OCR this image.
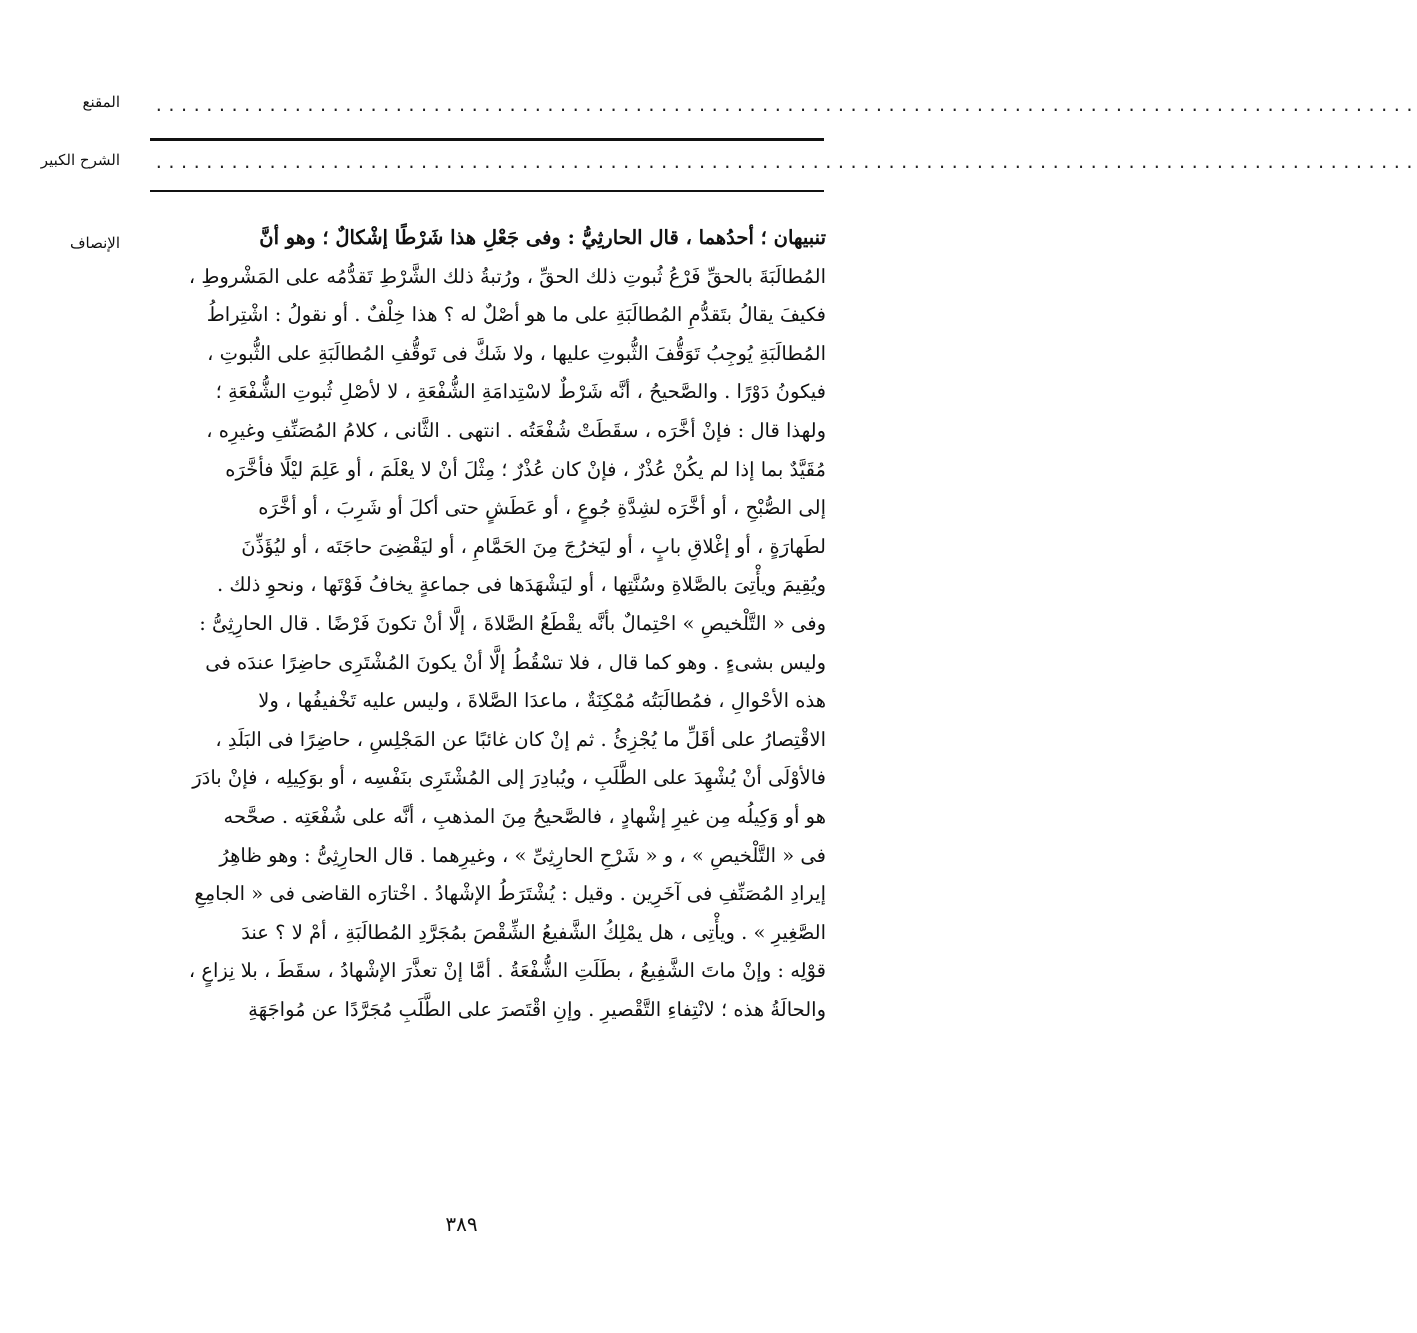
المقنع ....................................................................................................
الشرح الكبير ....................................................................................................
الإنصاف	تنبيهان ؛ أحدُهما ، قال الحارثِيُّ : وفى جَعْلِ هذا شَرْطًا إشْكالٌ ؛ وهو أنَّ
المُطالَبَةَ بالحقِّ فَرْعُ ثُبوتِ ذلك الحقِّ ، ورُتبةُ ذلك الشَّرْطِ تَقدُّمُه على المَشْروطِ ،
فكيفَ يقالُ بتَقدُّمِ المُطالَبَةِ على ما هو أصْلٌ له ؟ هذا خِلْفٌ . أو نقولُ : اشْتِراطُ
المُطالَبَةِ يُوجِبُ تَوَقُّفَ الثُّبوتِ عليها ، ولا شَكَّ فى تَوقُّفِ المُطالَبَةِ على الثُّبوتِ ،
فيكونُ دَوْرًا . والصَّحيحُ ، أنَّه شَرْطٌ لاسْتِدامَةِ الشُّفْعَةِ ، لا لأصْلِ ثُبوتِ الشُّفْعَةِ ؛
ولهذا قال : فإنْ أخَّرَه ، سقَطَتْ شُفْعَتُه . انتهى . الثَّانى ، كلامُ المُصَنِّفِ وغيرِه ،
مُقَيَّدٌ بما إذا لم يكُنْ عُذْرٌ ، فإنْ كان عُذْرٌ ؛ مِثْلَ أنْ لا يعْلَمَ ، أو عَلِمَ ليْلًا فأخَّرَه
إلى الصُّبْحِ ، أو أخَّرَه لشِدَّةِ جُوعٍ ، أو عَطَشٍ حتى أكلَ أو شَرِبَ ، أو أخَّرَه
لطَهارَةٍ ، أو إغْلاقِ بابٍ ، أو ليَخرُجَ مِنَ الحَمَّامِ ، أو ليَقْضِىَ حاجَتَه ، أو ليُؤَذِّنَ
ويُقِيمَ ويأْتِىَ بالصَّلاةِ وسُنَّتِها ، أو ليَشْهَدَها فى جماعةٍ يخافُ فَوْتَها ، ونحوِ ذلك .
وفى « التَّلْخيصِ » احْتِمالٌ بأنَّه يقْطَعُ الصَّلاةَ ، إلَّا أنْ تكونَ فَرْضًا . قال الحارِثِىُّ :
وليس بشىءٍ . وهو كما قال ، فلا تسْقُطُ إلَّا أنْ يكونَ المُشْتَرِى حاضِرًا عندَه فى
هذه الأحْوالِ ، فمُطالَبَتُه مُمْكِنَةٌ ، ماعدَا الصَّلاةَ ، وليس عليه تَخْفيفُها ، ولا
الاقْتِصارُ على أقَلِّ ما يُجْزِئُ . ثم إنْ كان غائبًا عن المَجْلِسِ ، حاضِرًا فى البَلَدِ ،
فالأوْلَى أنْ يُشْهِدَ على الطَّلَبِ ، ويُبادِرَ إلى المُشْتَرِى بنَفْسِه ، أو بوَكِيلِه ، فإنْ بادَرَ
هو أو وَكِيلُه مِن غيرِ إشْهادٍ ، فالصَّحيحُ مِنَ المذهبِ ، أنَّه على شُفْعَتِه . صحَّحه
فى « التَّلْخيصِ » ، و « شَرْحِ الحارِثِىِّ » ، وغيرِهما . قال الحارِثِىُّ : وهو ظاهِرُ
إيرادِ المُصَنِّفِ فى آخَرِين . وقيل : يُشْتَرَطُ الإشْهادُ . اخْتارَه القاضى فى « الجامِعِ
الصَّغِيرِ » . ويأْتِى ، هل يمْلِكُ الشَّفيعُ الشِّقْصَ بمُجَرَّدِ المُطالَبَةِ ، أمْ لا ؟ عندَ
قوْلِه : وإنْ ماتَ الشَّفِيعُ ، بطَلَتِ الشُّفْعَةُ . أمَّا إنْ تعذَّرَ الإشْهادُ ، سقَطَ ، بلا نِزاعٍ ،
والحالَةُ هذه ؛ لانْتِفاءِ التَّقْصيرِ . وإنِ اقْتَصرَ على الطَّلَبِ مُجَرَّدًا عن مُواجَهَةِ
٣٨٩
